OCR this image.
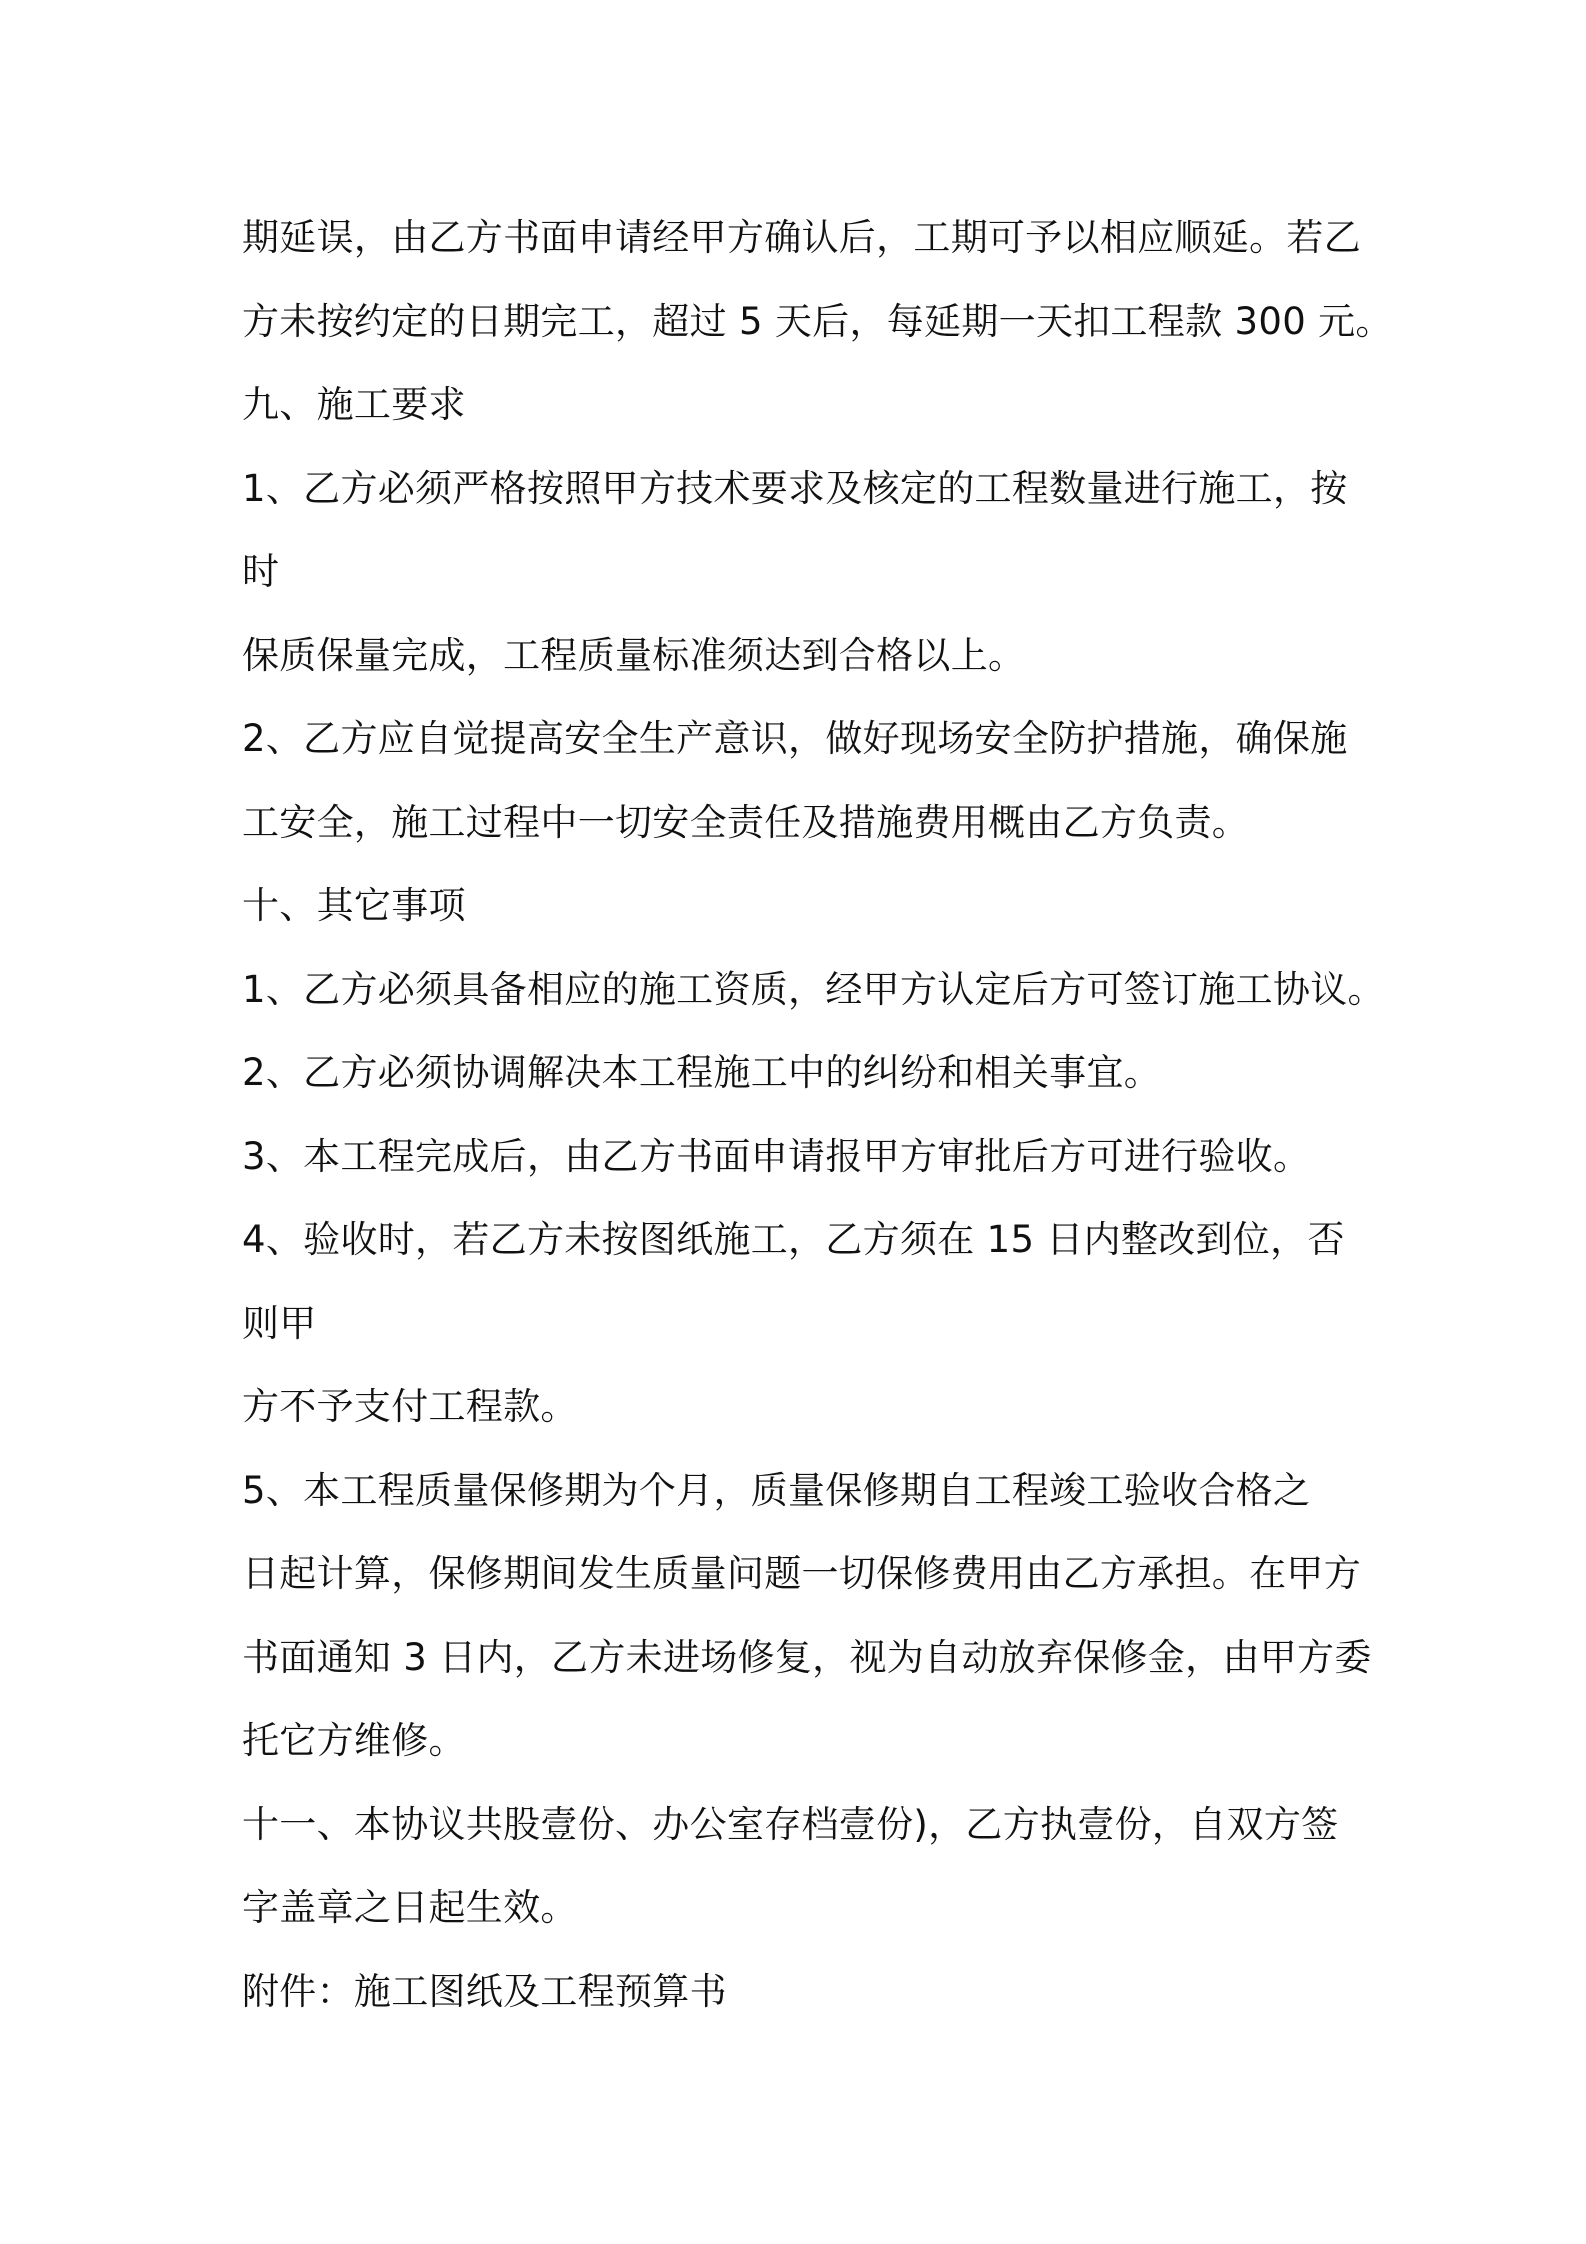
期延误，由乙方书面申请经甲方确认后，工期可予以相应顺延。若乙
方未按约定的日期完工，超过 5 天后，每延期一天扣工程款 300 元。
九、施工要求
1、乙方必须严格按照甲方技术要求及核定的工程数量进行施工，按
时
保质保量完成，工程质量标准须达到合格以上。
2、乙方应自觉提高安全生产意识，做好现场安全防护措施，确保施
工安全，施工过程中一切安全责任及措施费用概由乙方负责。
十、其它事项
1、乙方必须具备相应的施工资质，经甲方认定后方可签订施工协议。
2、乙方必须协调解决本工程施工中的纠纷和相关事宜。
3、本工程完成后，由乙方书面申请报甲方审批后方可进行验收。
4、验收时，若乙方未按图纸施工，乙方须在 15 日内整改到位，否
则甲
方不予支付工程款。
5、本工程质量保修期为个月，质量保修期自工程竣工验收合格之
日起计算，保修期间发生质量问题一切保修费用由乙方承担。在甲方
书面通知 3 日内，乙方未进场修复，视为自动放弃保修金，由甲方委
托它方维修。
十一、本协议共股壹份、办公室存档壹份)，乙方执壹份，自双方签
字盖章之日起生效。
附件：施工图纸及工程预算书
